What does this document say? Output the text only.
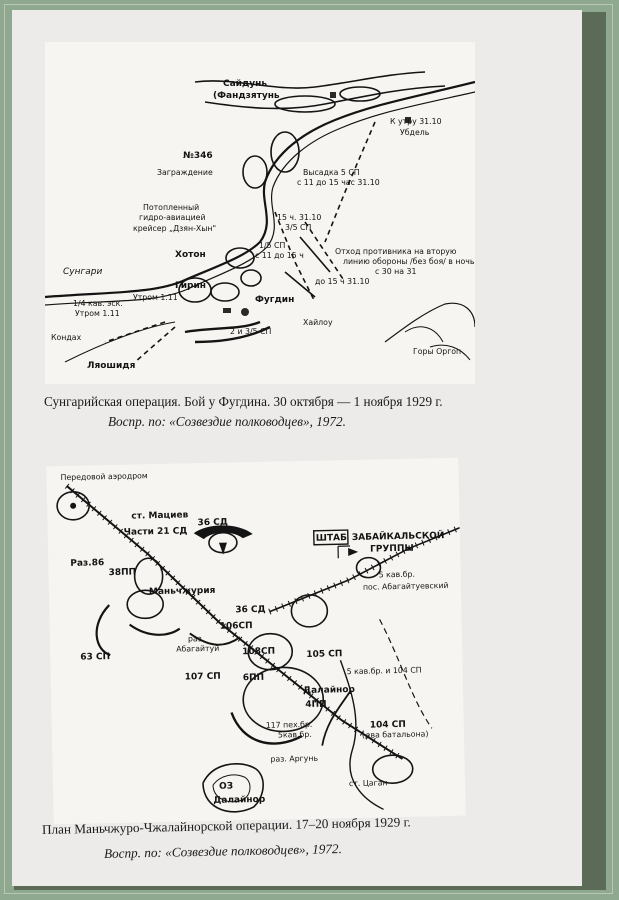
Сайдунь
(Фандзятунь
К утру 31.10
Убдель
№346
Заграждение	Высадка 5 СП
с 11 до 15 час 31.10
Потопленный
гидро-авиацией
крейсер „Дзян-Хын"
15 ч. 31.10
3/5 СП
1/5 СП
с 11 до 15 ч
Хотон
Сунгари
Отход противника на вторую
линию обороны /без боя/ в ночь
с 30 на 31
до 15 ч 31.10
Гирин
Утром 1.11
1/4 кав. эск.
Утром 1.11
Фугдин
Хайлоу
2 и 3/5 СП
Кондах
Ляошидя
Горы Оргоп
Сунгарийская операция. Бой у Фугдина. 30 октября — 1 ноября 1929 г.
Воспр. по: «Созвездие полководцев», 1972.
Передовой аэродром
ст. Мациев
Части 21 СД
36 СД
ШТАБ ЗАБАЙКАЛЬСКОЙ
ГРУППЫ
Раз.86
38ПП
Маньчжурия
36 СД
5 кав.бр.
пос. Абагайтуевский
63 СП
раз.
Абагайтуй
106СП
108СП	105 СП
107 СП
5 кав.бр. и 104 СП
6ПП
Далайнор
4ПП
117 пех.бр.
5кав.бр.
104 СП
(два батальона)
раз. Аргунь
ст. Цаган
ОЗ
Далайнор
План Маньчжуро-Чжалайнорской операции. 17–20 ноября 1929 г.
Воспр. по: «Созвездие полководцев», 1972.
